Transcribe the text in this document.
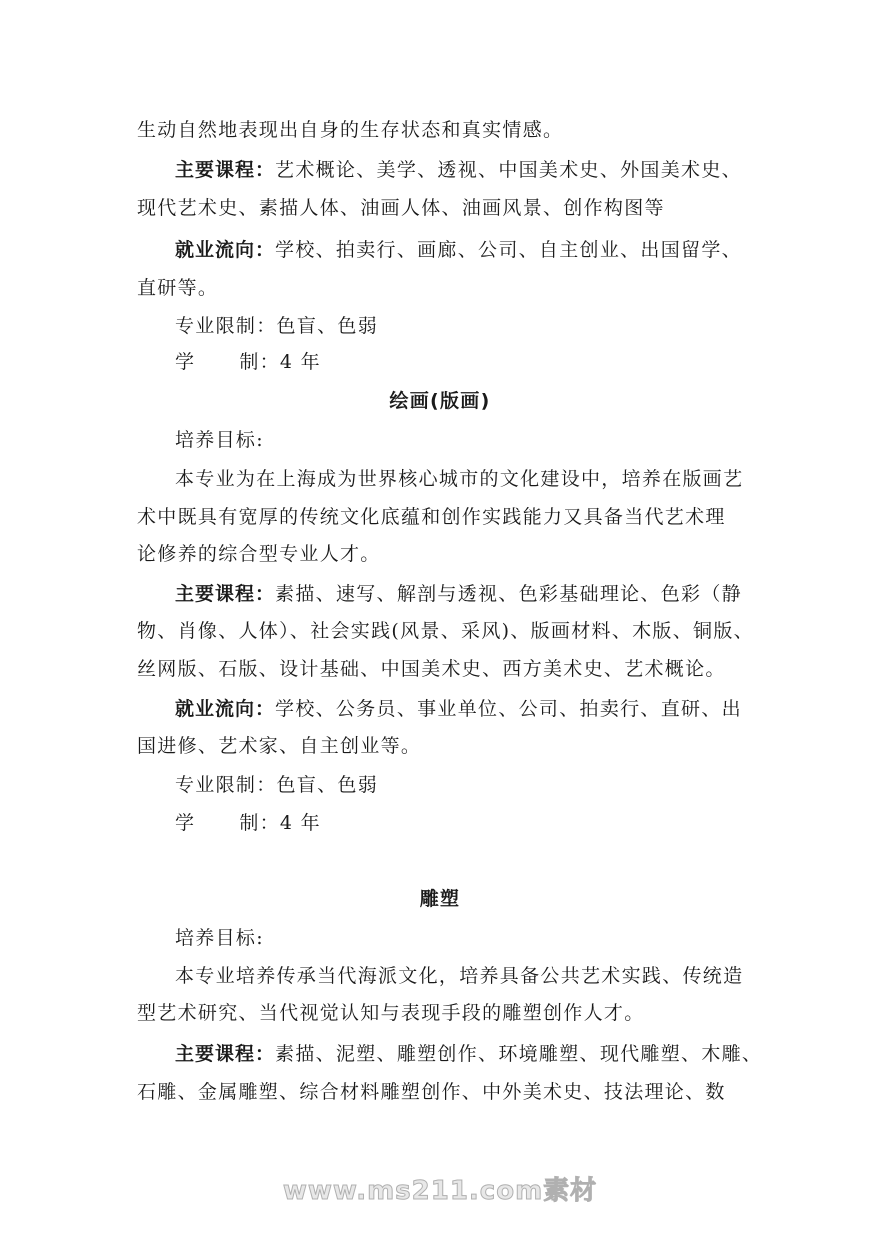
生动自然地表现出自身的生存状态和真实情感。
主要课程：艺术概论、美学、透视、中国美术史、外国美术史、
现代艺术史、素描人体、油画人体、油画风景、创作构图等
就业流向：学校、拍卖行、画廊、公司、自主创业、出国留学、
直研等。
专业限制：色盲、色弱
学 制：4 年
绘画(版画)
培养目标:
本专业为在上海成为世界核心城市的文化建设中，培养在版画艺
术中既具有宽厚的传统文化底蕴和创作实践能力又具备当代艺术理
论修养的综合型专业人才。
主要课程：素描、速写、解剖与透视、色彩基础理论、色彩（静
物、肖像、人体）、社会实践(风景、采风)、版画材料、木版、铜版、
丝网版、石版、设计基础、中国美术史、西方美术史、艺术概论。
就业流向：学校、公务员、事业单位、公司、拍卖行、直研、出
国进修、艺术家、自主创业等。
专业限制：色盲、色弱
学 制：4 年
雕塑
培养目标:
本专业培养传承当代海派文化，培养具备公共艺术实践、传统造
型艺术研究、当代视觉认知与表现手段的雕塑创作人才。
主要课程：素描、泥塑、雕塑创作、环境雕塑、现代雕塑、木雕、
石雕、金属雕塑、综合材料雕塑创作、中外美术史、技法理论、数
www.ms211.com素材
